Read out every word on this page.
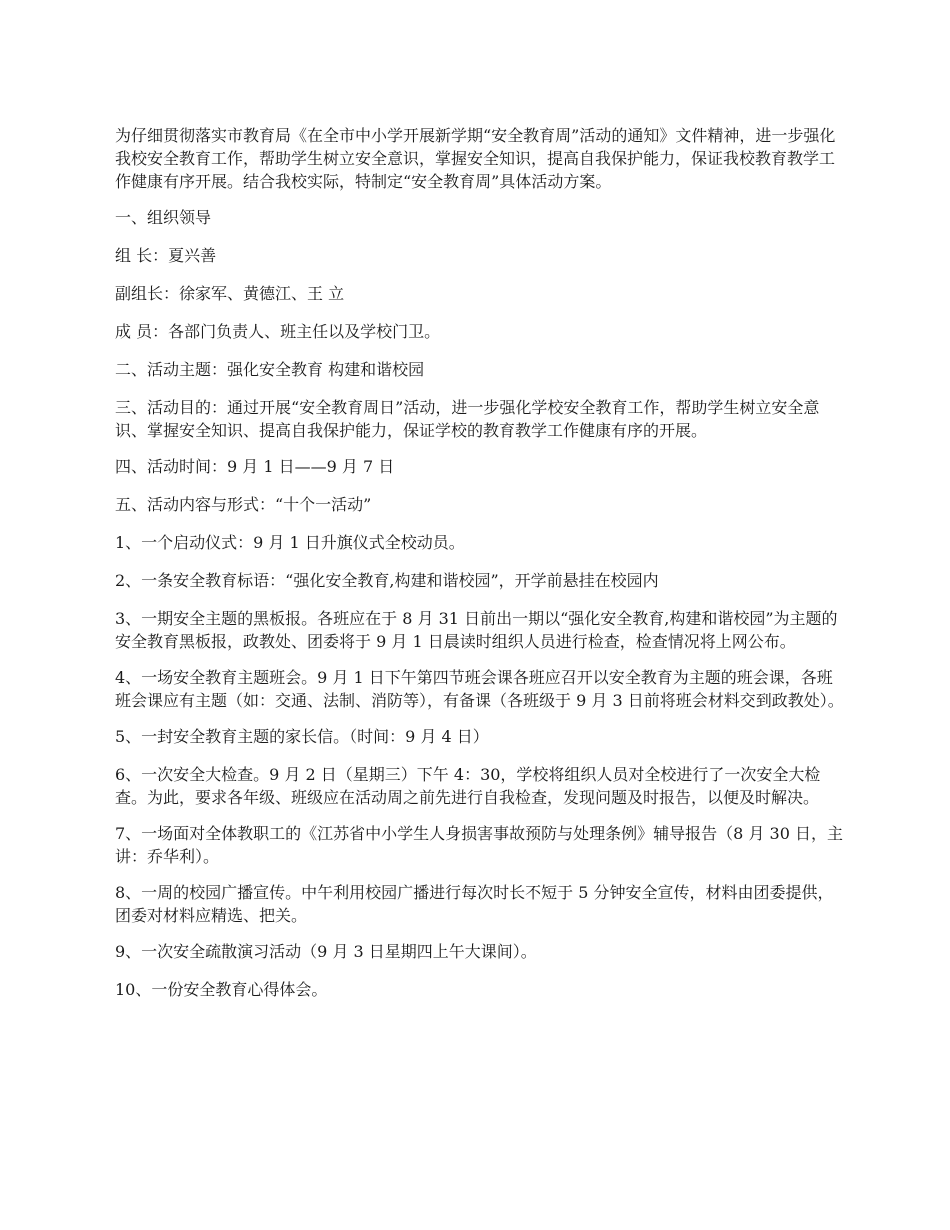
为仔细贯彻落实市教育局《在全市中小学开展新学期“安全教育周”活动的通知》文件精神，进一步强化我校安全教育工作，帮助学生树立安全意识，掌握安全知识，提高自我保护能力，保证我校教育教学工作健康有序开展。结合我校实际，特制定“安全教育周”具体活动方案。

一、组织领导

组 长：夏兴善

副组长：徐家军、黄德江、王 立

成 员：各部门负责人、班主任以及学校门卫。

二、活动主题：强化安全教育 构建和谐校园

三、活动目的：通过开展“安全教育周日”活动，进一步强化学校安全教育工作，帮助学生树立安全意识、掌握安全知识、提高自我保护能力，保证学校的教育教学工作健康有序的开展。

四、活动时间：9 月 1 日——9 月 7 日

五、活动内容与形式：“十个一活动”

1、一个启动仪式：9 月 1 日升旗仪式全校动员。

2、一条安全教育标语：“强化安全教育,构建和谐校园”，开学前悬挂在校园内

3、一期安全主题的黑板报。各班应在于 8 月 31 日前出一期以“强化安全教育,构建和谐校园”为主题的安全教育黑板报，政教处、团委将于 9 月 1 日晨读时组织人员进行检查，检查情况将上网公布。

4、一场安全教育主题班会。9 月 1 日下午第四节班会课各班应召开以安全教育为主题的班会课，各班班会课应有主题（如：交通、法制、消防等），有备课（各班级于 9 月 3 日前将班会材料交到政教处）。

5、一封安全教育主题的家长信。（时间：9 月 4 日）

6、一次安全大检查。9 月 2 日（星期三）下午 4：30，学校将组织人员对全校进行了一次安全大检查。为此，要求各年级、班级应在活动周之前先进行自我检查，发现问题及时报告，以便及时解决。

7、一场面对全体教职工的《江苏省中小学生人身损害事故预防与处理条例》辅导报告（8 月 30 日，主讲：乔华利）。

8、一周的校园广播宣传。中午利用校园广播进行每次时长不短于 5 分钟安全宣传，材料由团委提供，团委对材料应精选、把关。

9、一次安全疏散演习活动（9 月 3 日星期四上午大课间）。

10、一份安全教育心得体会。
